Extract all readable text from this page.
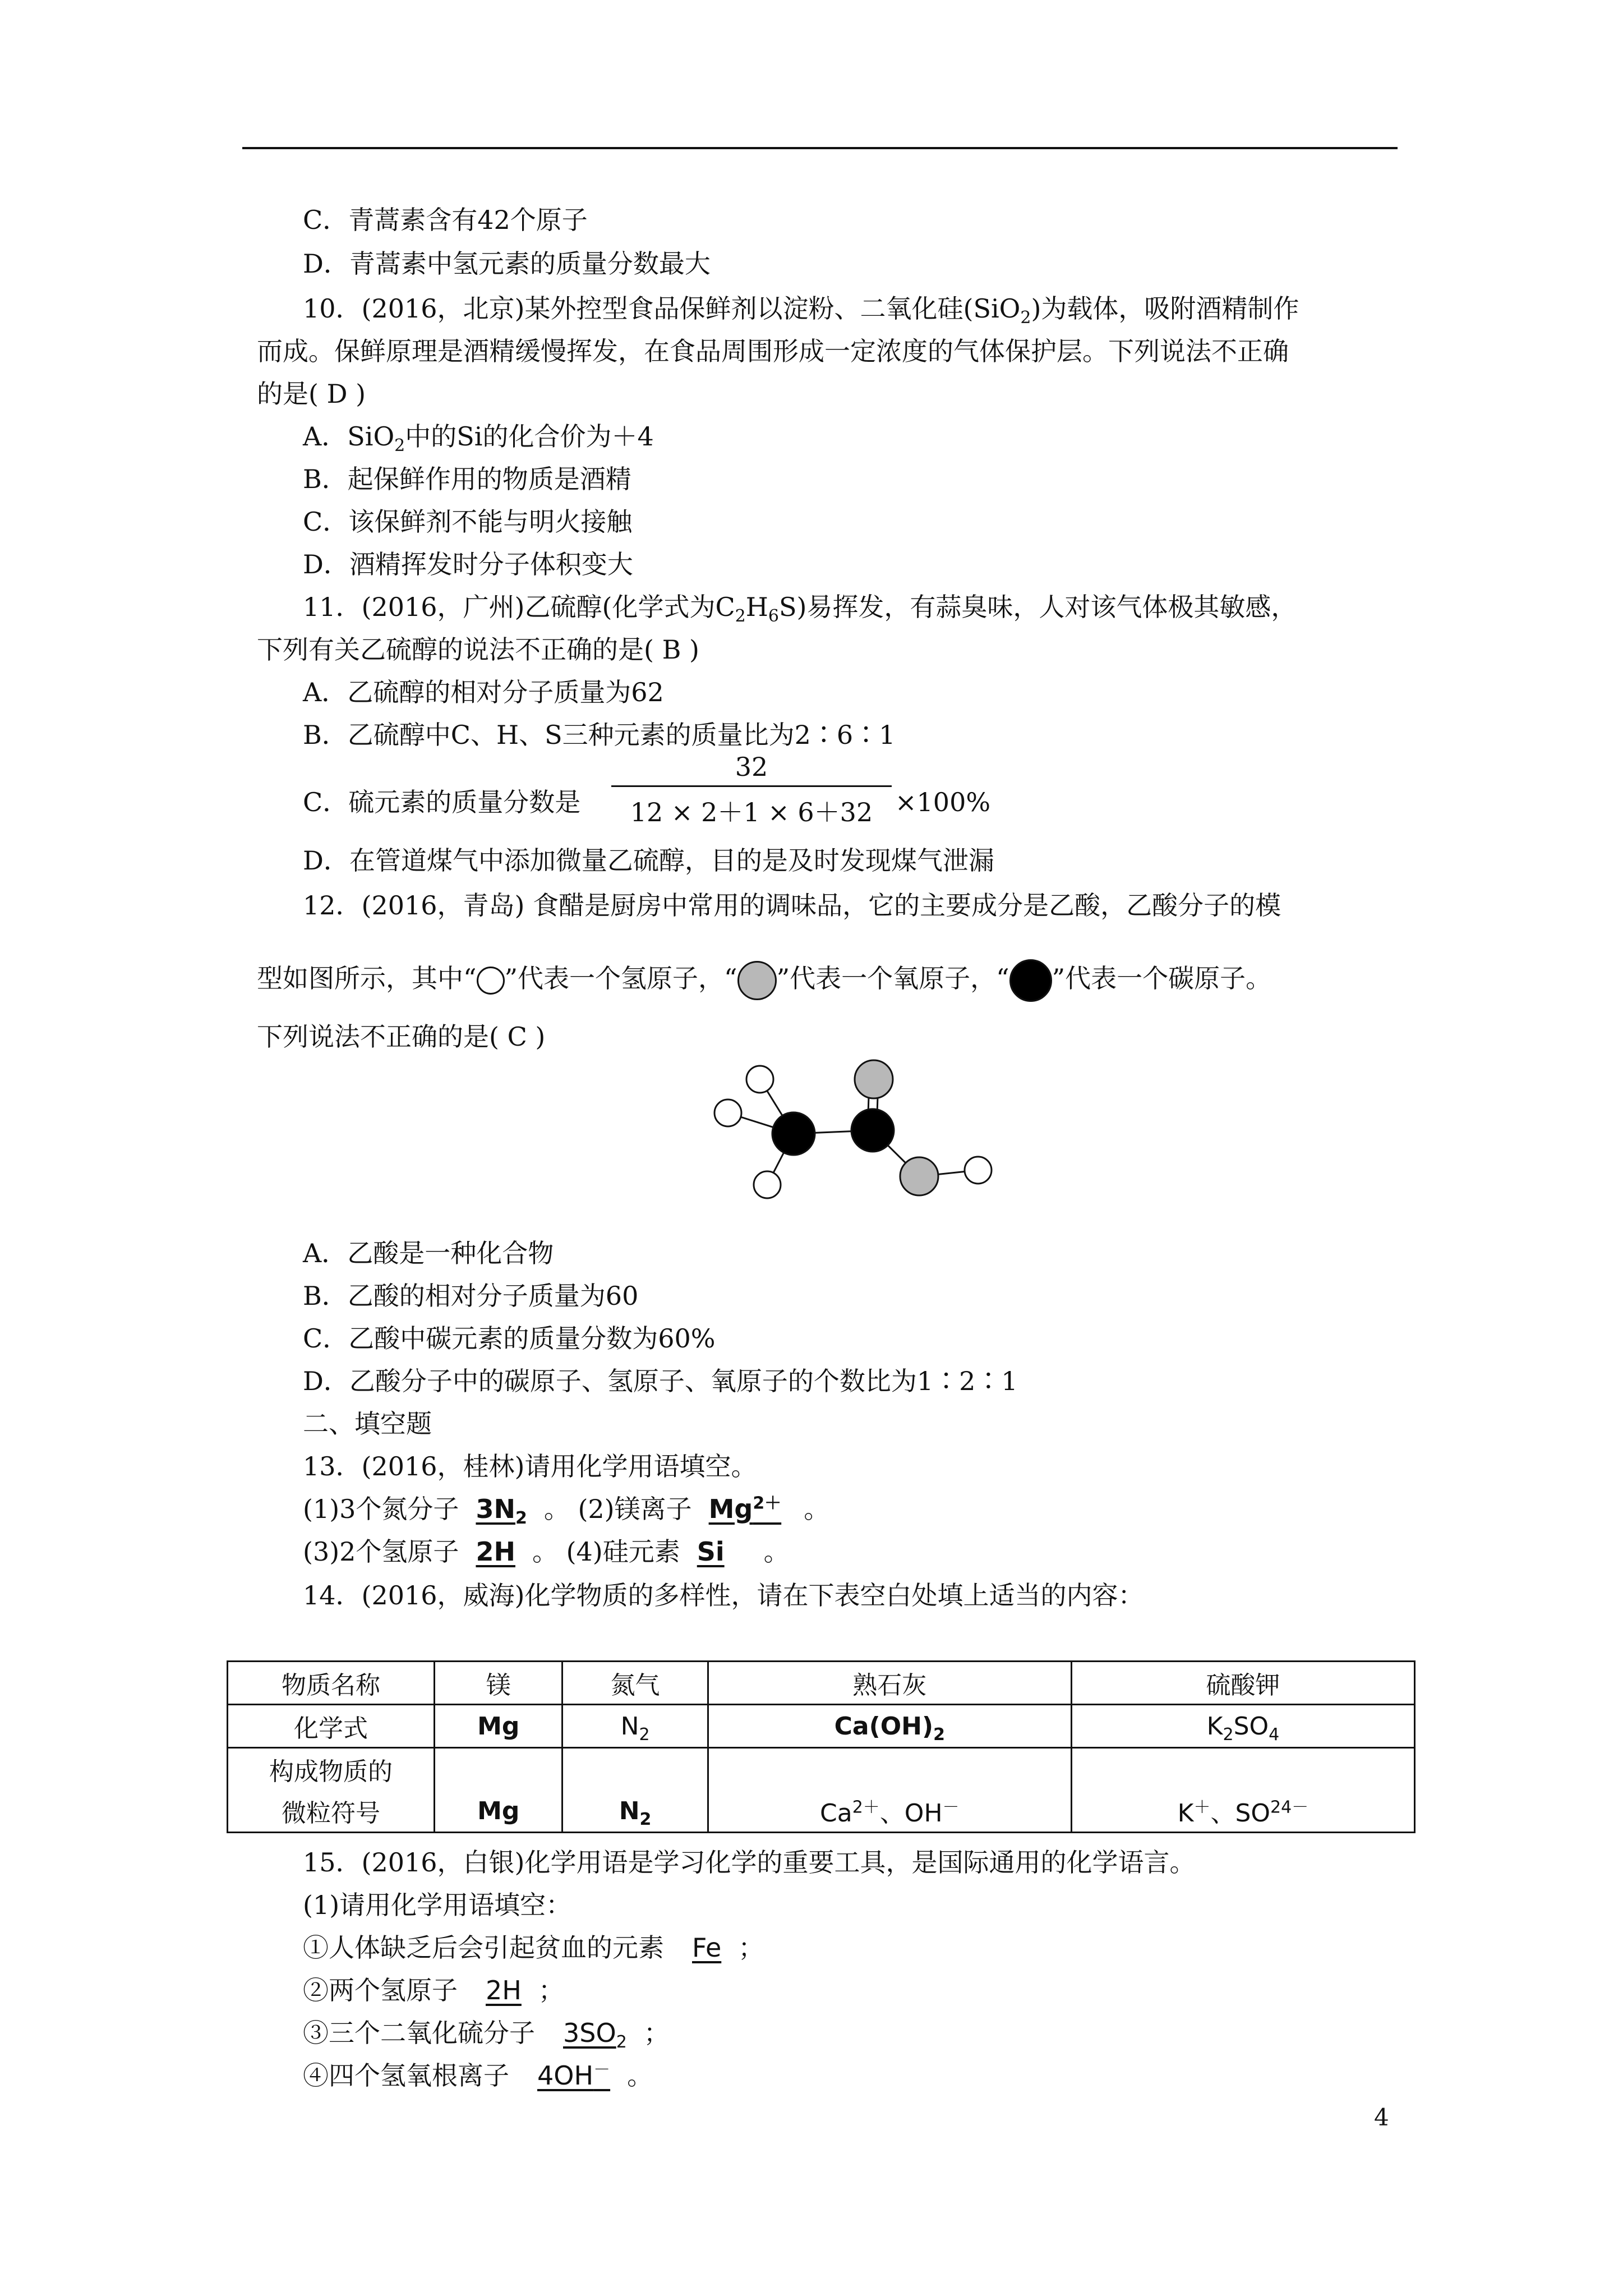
C．青蒿素含有42个原子
D．青蒿素中氢元素的质量分数最大
10．(2016，北京)某外控型食品保鲜剂以淀粉、二氧化硅(SiO$_2$)为载体，吸附酒精制作
而成。保鲜原理是酒精缓慢挥发，在食品周围形成一定浓度的气体保护层。下列说法不正确
的是( D )
A．SiO$_2$中的Si的化合价为＋4
B．起保鲜作用的物质是酒精
C．该保鲜剂不能与明火接触
D．酒精挥发时分子体积变大
11．(2016，广州)乙硫醇(化学式为$C_2H_6S$)易挥发，有蒜臭味，人对该气体极其敏感，
下列有关乙硫醇的说法不正确的是( B )
A．乙硫醇的相对分子质量为62
B．乙硫醇中C、H、S三种元素的质量比为2∶6∶1
C．硫元素的质量分数是
32
12 × 2＋1 × 6＋32 ×100%
D．在管道煤气中添加微量乙硫醇，目的是及时发现煤气泄漏
12．(2016，青岛) 食醋是厨房中常用的调味品，它的主要成分是乙酸，乙酸分子的模
型如图所示，其中“ ”代表一个氢原子，“ ”代表一个氧原子，“ ”代表一个碳原子。
下列说法不正确的是( C )
A．乙酸是一种化合物
B．乙酸的相对分子质量为60
C．乙酸中碳元素的质量分数为60%
D．乙酸分子中的碳原子、氢原子、氧原子的个数比为1∶2∶1
二、填空题
13．(2016，桂林)请用化学用语填空。
(1)3个氮分子 $3N_2$ 。 (2)镁离子 $Mg^{2+}$ 。
(3)2个氢原子 2H 。 (4)硅元素 Si 。
14．(2016，威海)化学物质的多样性，请在下表空白处填上适当的内容：
物质名称	镁	氮气	熟石灰	硫酸钾
化学式	Mg	$N_2$	$Ca(OH)_2$	$K_2SO_4$
构成物质的				
微粒符号	Mg	$N_2$	$Ca^{2+}$、OH－	K＋、$SO^{24-}$
15．(2016，白银)化学用语是学习化学的重要工具，是国际通用的化学语言。
(1)请用化学用语填空：
①人体缺乏后会引起贫血的元素 Fe ；
②两个氢原子 2H ；
③三个二氧化硫分子 $3SO_2$ ；
④四个氢氧根离子 4OH－ 。
4
